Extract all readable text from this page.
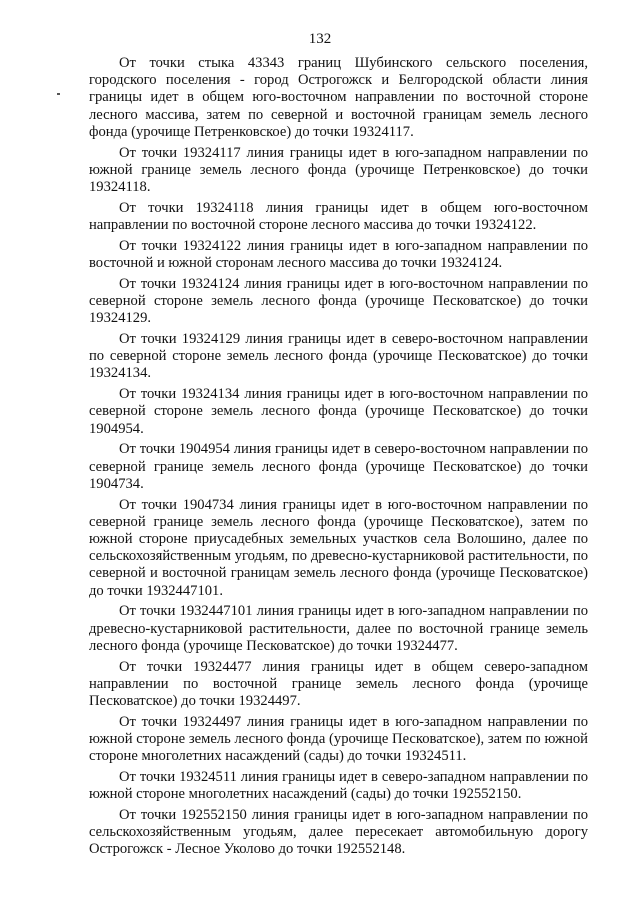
132

От точки стыка 43343 границ Шубинского сельского поселения, городского поселения - город Острогожск и Белгородской области линия границы идет в общем юго-восточном направлении по восточной стороне лесного массива, затем по северной и восточной границам земель лесного фонда (урочище Петренковское) до точки 19324117.

От точки 19324117 линия границы идет в юго-западном направлении по южной границе земель лесного фонда (урочище Петренковское) до точки 19324118.

От точки 19324118 линия границы идет в общем юго-восточном направлении по восточной стороне лесного массива до точки 19324122.

От точки 19324122 линия границы идет в юго-западном направлении по восточной и южной сторонам лесного массива до точки 19324124.

От точки 19324124 линия границы идет в юго-восточном направлении по северной стороне земель лесного фонда (урочище Песковатское) до точки 19324129.

От точки 19324129 линия границы идет в северо-восточном направлении по северной стороне земель лесного фонда (урочище Песковатское) до точки 19324134.

От точки 19324134 линия границы идет в юго-восточном направлении по северной стороне земель лесного фонда (урочище Песковатское) до точки 1904954.

От точки 1904954 линия границы идет в северо-восточном направлении по северной границе земель лесного фонда (урочище Песковатское) до точки 1904734.

От точки 1904734 линия границы идет в юго-восточном направлении по северной границе земель лесного фонда (урочище Песковатское), затем по южной стороне приусадебных земельных участков села Волошино, далее по сельскохозяйственным угодьям, по древесно-кустарниковой растительности, по северной и восточной границам земель лесного фонда (урочище Песковатское) до точки 1932447101.

От точки 1932447101 линия границы идет в юго-западном направлении по древесно-кустарниковой растительности, далее по восточной границе земель лесного фонда (урочище Песковатское) до точки 19324477.

От точки 19324477 линия границы идет в общем северо-западном направлении по восточной границе земель лесного фонда (урочище Песковатское) до точки 19324497.

От точки 19324497 линия границы идет в юго-западном направлении по южной стороне земель лесного фонда (урочище Песковатское), затем по южной стороне многолетних насаждений (сады) до точки 19324511.

От точки 19324511 линия границы идет в северо-западном направлении по южной стороне многолетних насаждений (сады) до точки 192552150.

От точки 192552150 линия границы идет в юго-западном направлении по сельскохозяйственным угодьям, далее пересекает автомобильную дорогу Острогожск - Лесное Уколово до точки 192552148.
